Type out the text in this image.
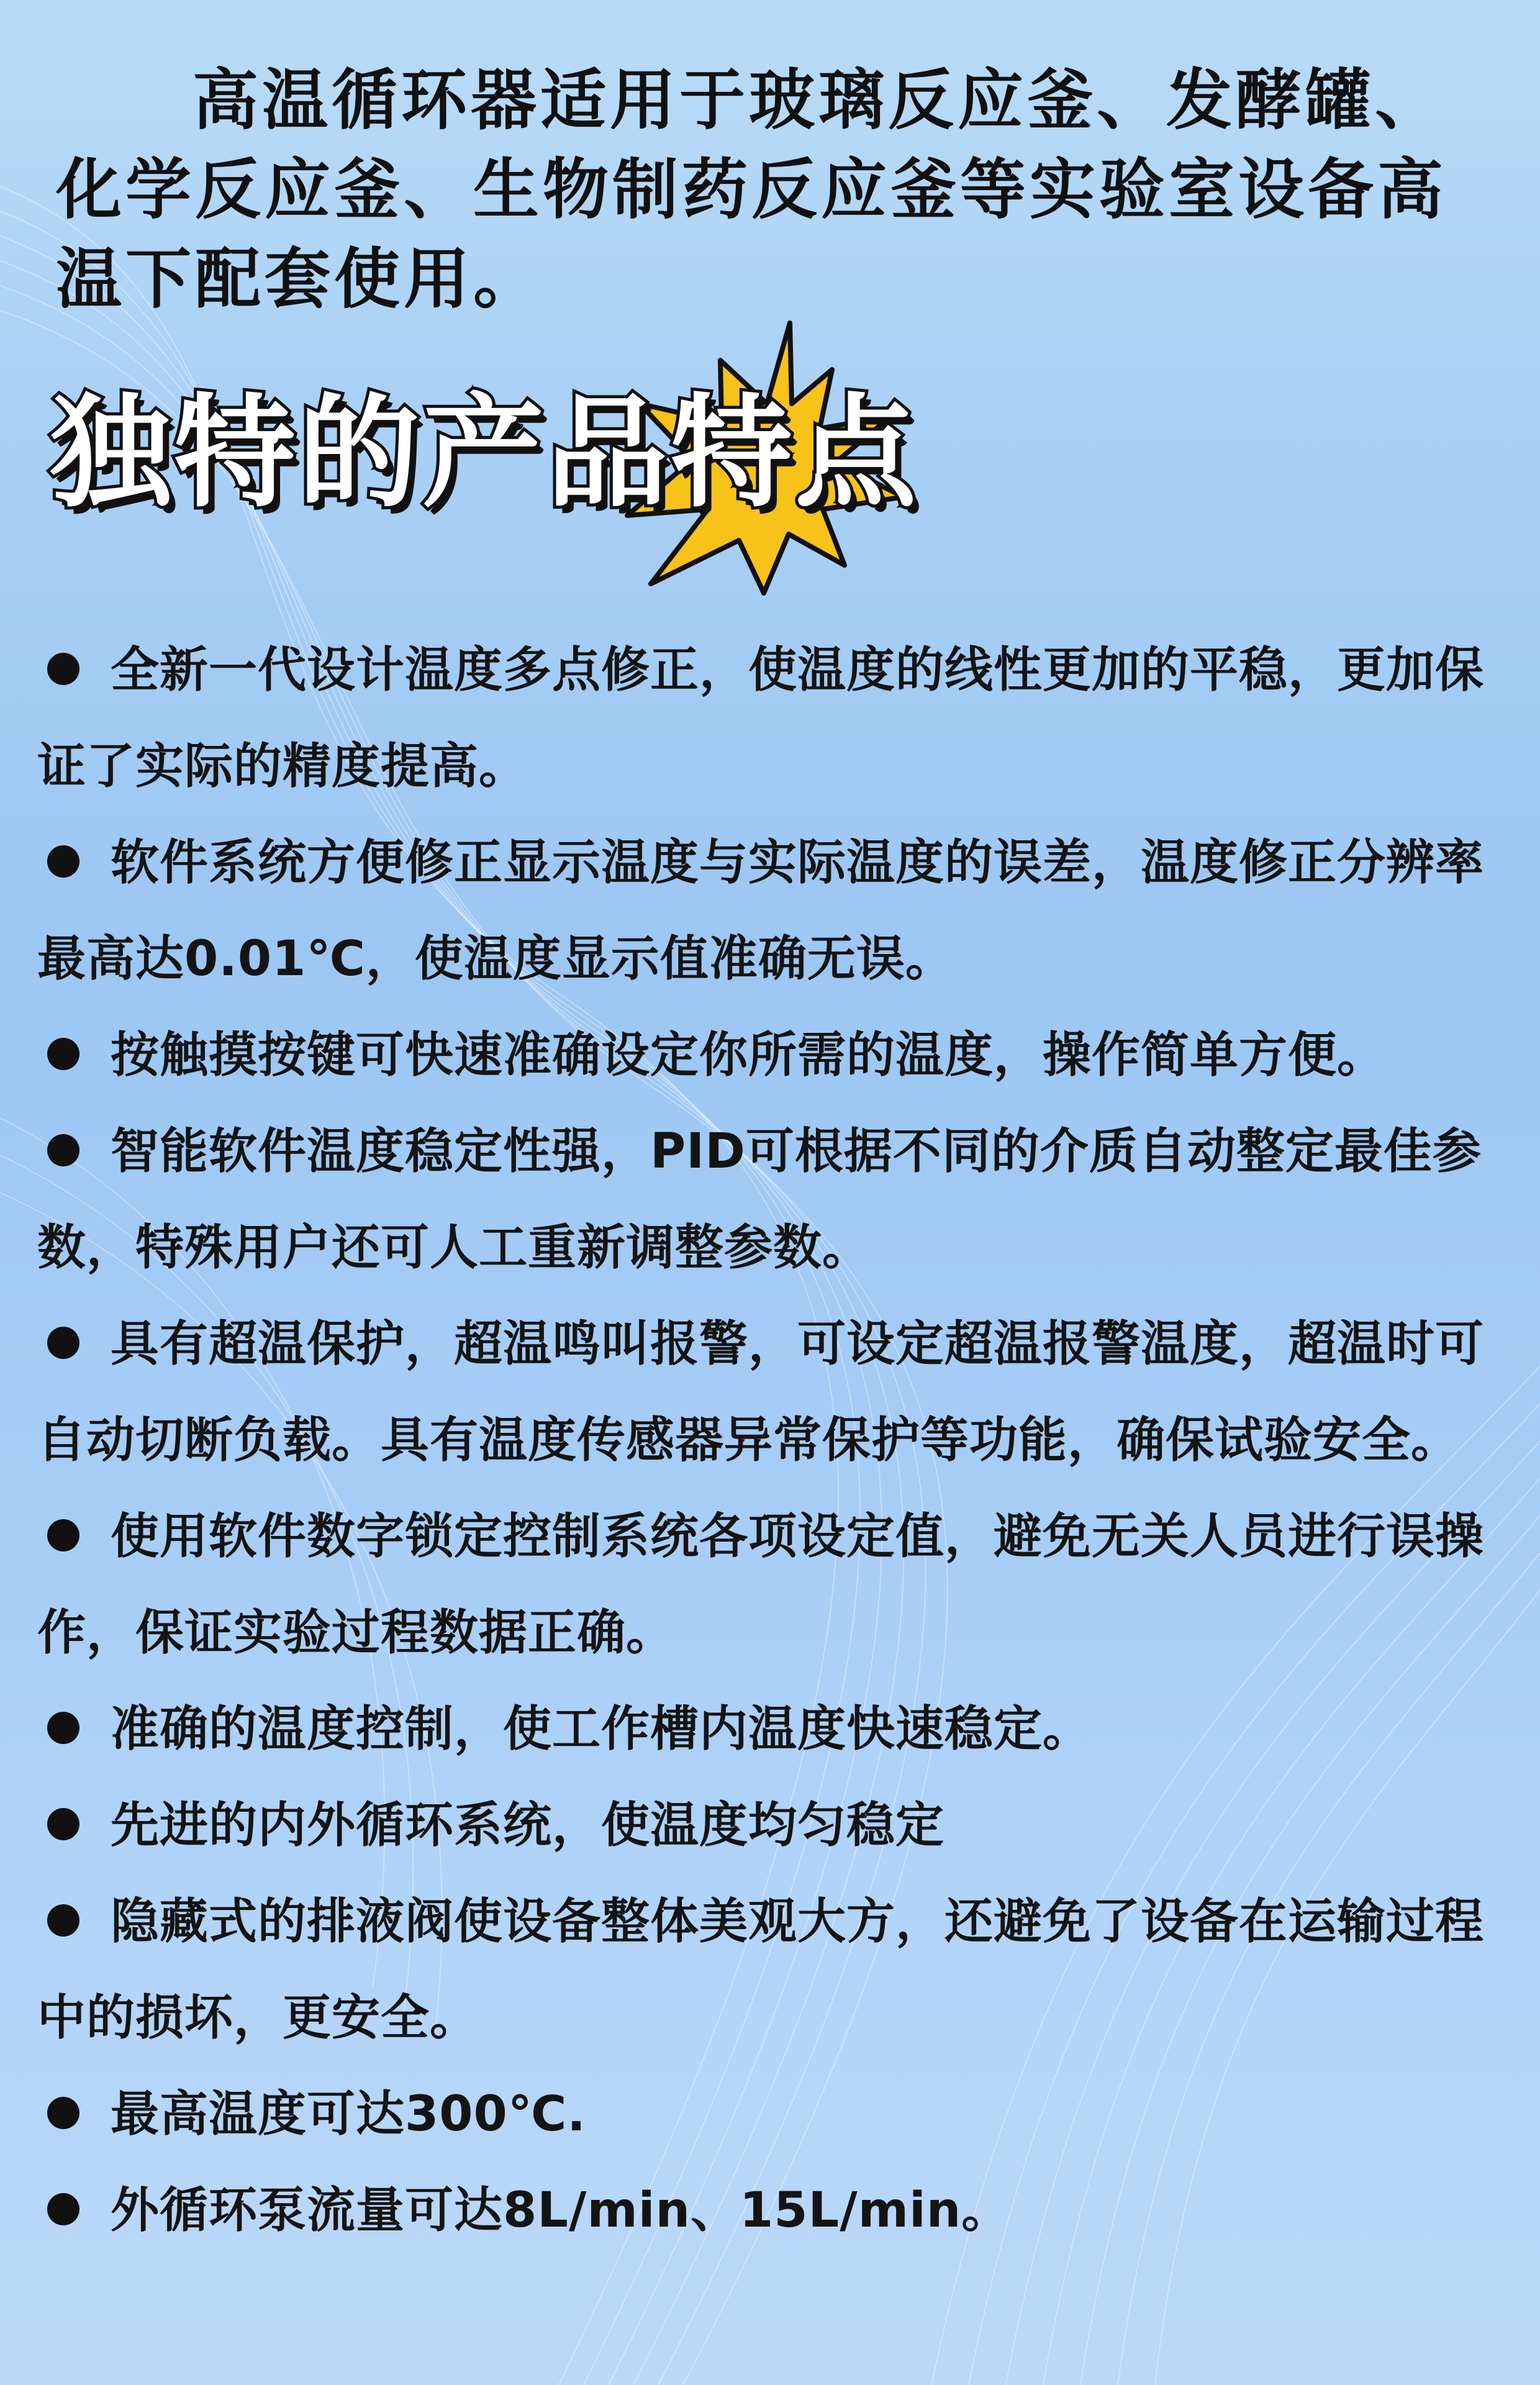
高温循环器适用于玻璃反应釜、发酵罐、化学反应釜、生物制药反应釜等实验室设备高温下配套使用。

独特的产品特点
全新一代设计温度多点修正，使温度的线性更加的平稳，更加保证了实际的精度提高。
软件系统方便修正显示温度与实际温度的误差，温度修正分辨率最高达0.01℃，使温度显示值准确无误。
按触摸按键可快速准确设定你所需的温度，操作简单方便。
智能软件温度稳定性强，PID可根据不同的介质自动整定最佳参数，特殊用户还可人工重新调整参数。
具有超温保护，超温鸣叫报警，可设定超温报警温度，超温时可自动切断负载。具有温度传感器异常保护等功能，确保试验安全。
使用软件数字锁定控制系统各项设定值，避免无关人员进行误操作，保证实验过程数据正确。
准确的温度控制，使工作槽内温度快速稳定。
先进的内外循环系统，使温度均匀稳定
隐藏式的排液阀使设备整体美观大方，还避免了设备在运输过程中的损坏，更安全。
最高温度可达300℃.
外循环泵流量可达8L/min、15L/min。
